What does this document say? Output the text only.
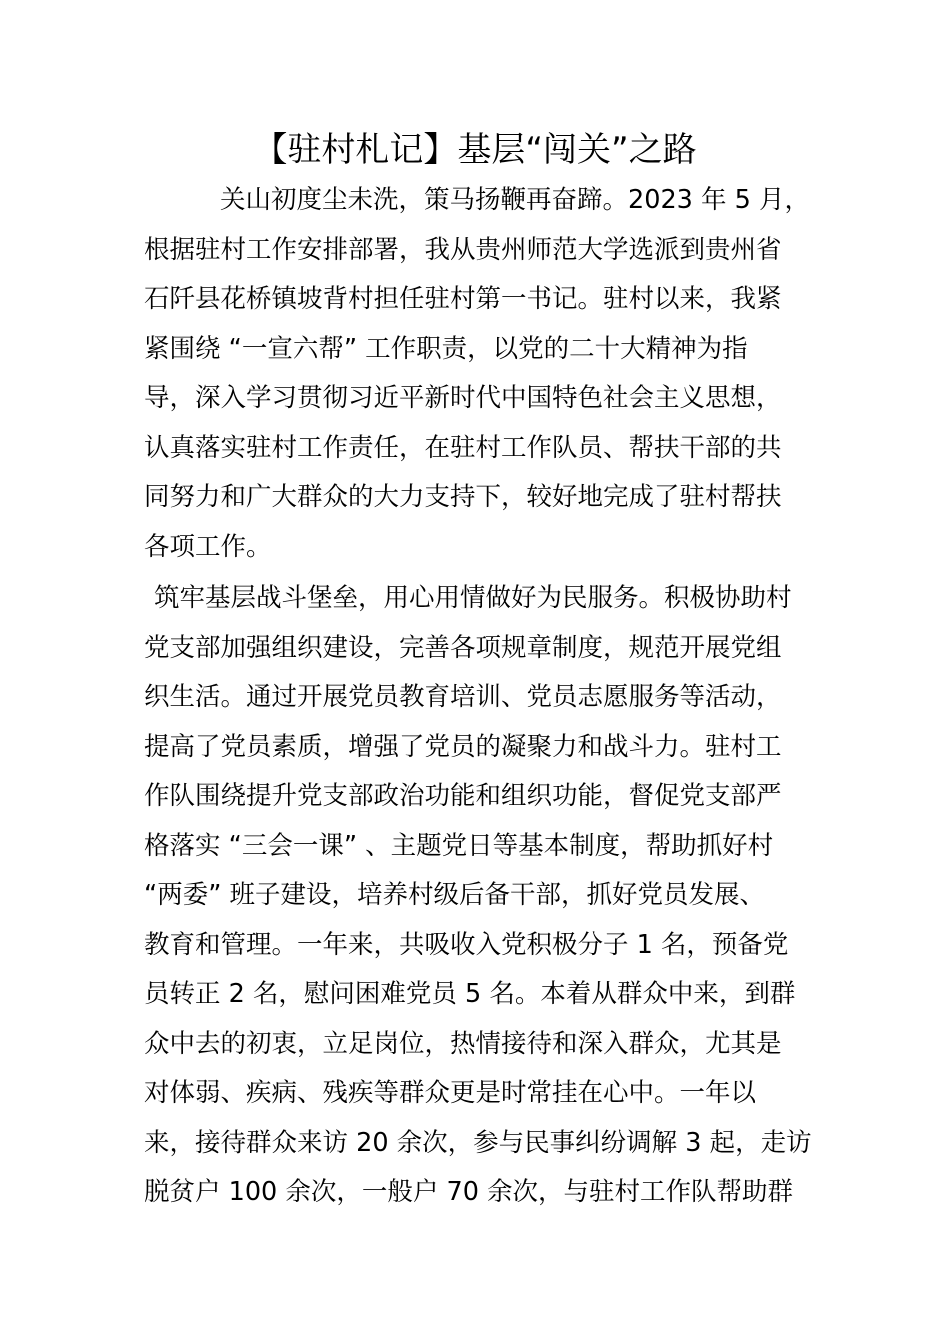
【驻村札记】基层“闯关”之路
关山初度尘未洗，策马扬鞭再奋蹄。2023 年 5 月，
根据驻村工作安排部署，我从贵州师范大学选派到贵州省
石阡县花桥镇坡背村担任驻村第一书记。驻村以来，我紧
紧围绕 “一宣六帮” 工作职责，以党的二十大精神为指
导，深入学习贯彻习近平新时代中国特色社会主义思想，
认真落实驻村工作责任，在驻村工作队员、帮扶干部的共
同努力和广大群众的大力支持下，较好地完成了驻村帮扶
各项工作。
筑牢基层战斗堡垒，用心用情做好为民服务。积极协助村
党支部加强组织建设，完善各项规章制度，规范开展党组
织生活。通过开展党员教育培训、党员志愿服务等活动，
提高了党员素质，增强了党员的凝聚力和战斗力。驻村工
作队围绕提升党支部政治功能和组织功能，督促党支部严
格落实 “三会一课” 、主题党日等基本制度，帮助抓好村
“两委” 班子建设，培养村级后备干部，抓好党员发展、
教育和管理。一年来，共吸收入党积极分子 1 名，预备党
员转正 2 名，慰问困难党员 5 名。本着从群众中来，到群
众中去的初衷，立足岗位，热情接待和深入群众，尤其是
对体弱、疾病、残疾等群众更是时常挂在心中。一年以
来，接待群众来访 20 余次，参与民事纠纷调解 3 起，走访
脱贫户 100 余次，一般户 70 余次，与驻村工作队帮助群
